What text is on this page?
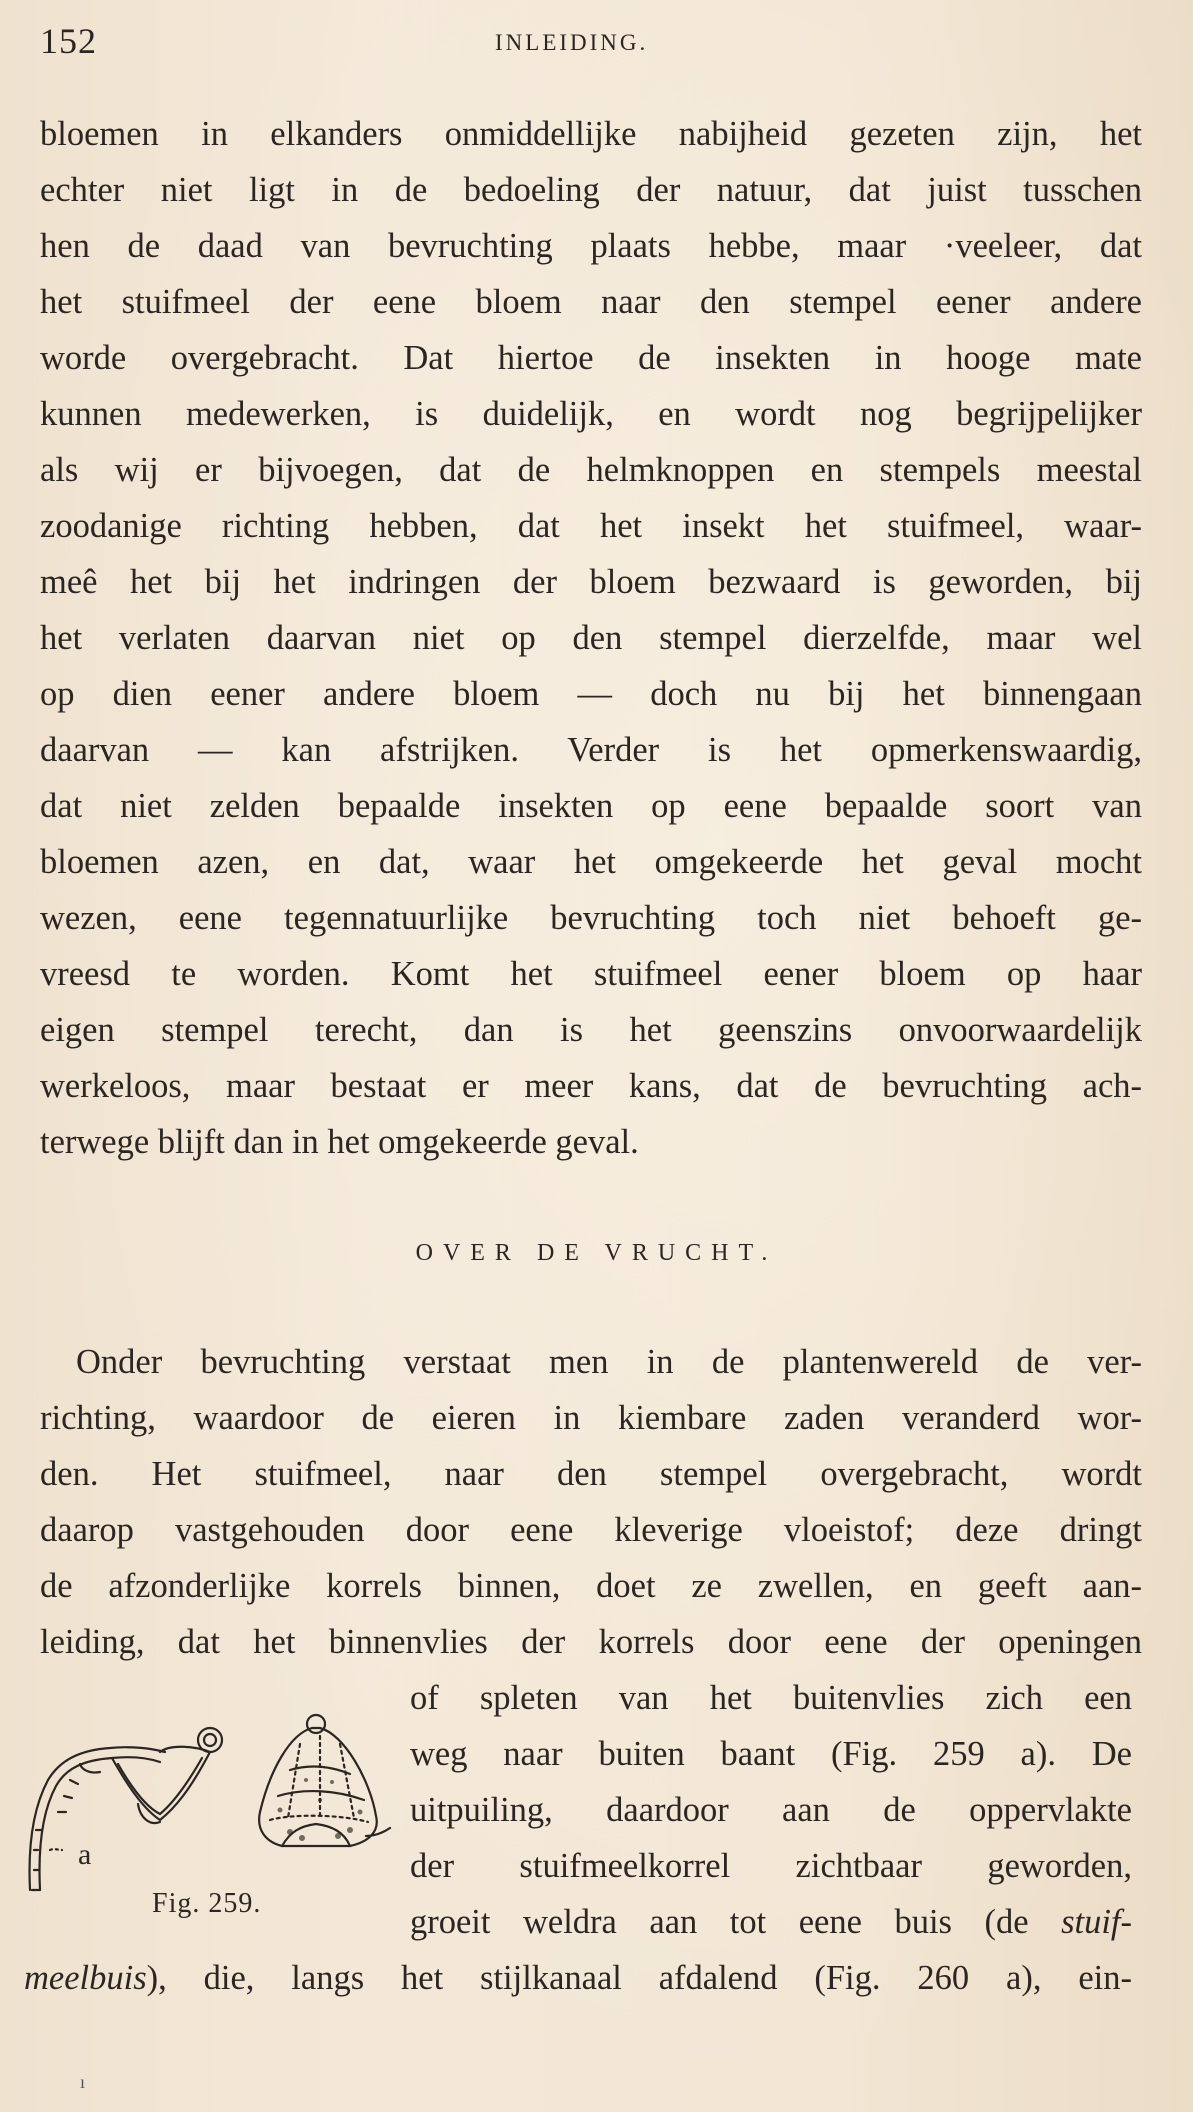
152	INLEIDING.
bloemen in elkanders onmiddellijke nabijheid gezeten zijn, het
echter niet ligt in de bedoeling der natuur, dat juist tusschen
hen de daad van bevruchting plaats hebbe, maar ·veeleer, dat
het stuifmeel der eene bloem naar den stempel eener andere
worde overgebracht. Dat hiertoe de insekten in hooge mate
kunnen medewerken, is duidelijk, en wordt nog begrijpelijker
als wij er bijvoegen, dat de helmknoppen en stempels meestal
zoodanige richting hebben, dat het insekt het stuifmeel, waar-
meê het bij het indringen der bloem bezwaard is geworden, bij
het verlaten daarvan niet op den stempel dierzelfde, maar wel
op dien eener andere bloem — doch nu bij het binnengaan
daarvan — kan afstrijken. Verder is het opmerkenswaardig,
dat niet zelden bepaalde insekten op eene bepaalde soort van
bloemen azen, en dat, waar het omgekeerde het geval mocht
wezen, eene tegennatuurlijke bevruchting toch niet behoeft ge-
vreesd te worden. Komt het stuifmeel eener bloem op haar
eigen stempel terecht, dan is het geenszins onvoorwaardelijk
werkeloos, maar bestaat er meer kans, dat de bevruchting ach-
terwege blijft dan in het omgekeerde geval.
OVER DE VRUCHT.
Onder bevruchting verstaat men in de plantenwereld de ver-
richting, waardoor de eieren in kiembare zaden veranderd wor-
den. Het stuifmeel, naar den stempel overgebracht, wordt
daarop vastgehouden door eene kleverige vloeistof; deze dringt
de afzonderlijke korrels binnen, doet ze zwellen, en geeft aan-
leiding, dat het binnenvlies der korrels door eene der openingen
of spleten van het buitenvlies zich een
weg naar buiten baant (Fig. 259 a). De
uitpuiling, daardoor aan de oppervlakte
der stuifmeelkorrel zichtbaar geworden,
groeit weldra aan tot eene buis (de stuif-
meelbuis), die, langs het stijlkanaal afdalend (Fig. 260 a), ein-
a
Fig. 259.
ı
